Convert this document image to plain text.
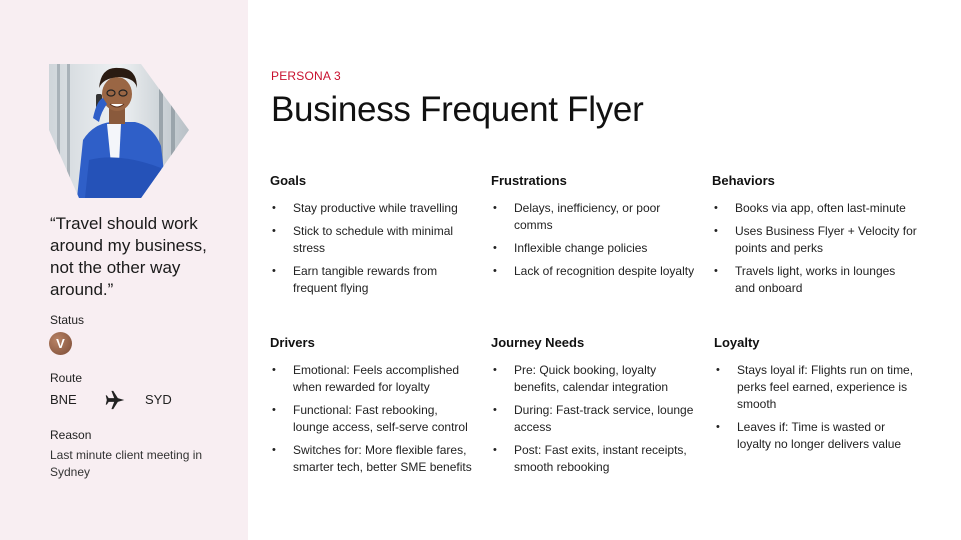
“Travel should work around my business, not the other way around.”
Status
V
Route
BNE	SYD
Reason
Last minute client meeting in Sydney
PERSONA 3
Business Frequent Flyer
Goals
• Stay productive while travelling
• Stick to schedule with minimal stress
• Earn tangible rewards from frequent flying
Frustrations
• Delays, inefficiency, or poor comms
• Inflexible change policies
• Lack of recognition despite loyalty
Behaviors
• Books via app, often last-minute
• Uses Business Flyer + Velocity for points and perks
• Travels light, works in lounges and onboard
Drivers
• Emotional: Feels accomplished when rewarded for loyalty
• Functional: Fast rebooking, lounge access, self-serve control
• Switches for: More flexible fares, smarter tech, better SME benefits
Journey Needs
• Pre: Quick booking, loyalty benefits, calendar integration
• During: Fast-track service, lounge access
• Post: Fast exits, instant receipts, smooth rebooking
Loyalty
• Stays loyal if: Flights run on time, perks feel earned, experience is smooth
• Leaves if: Time is wasted or loyalty no longer delivers value
